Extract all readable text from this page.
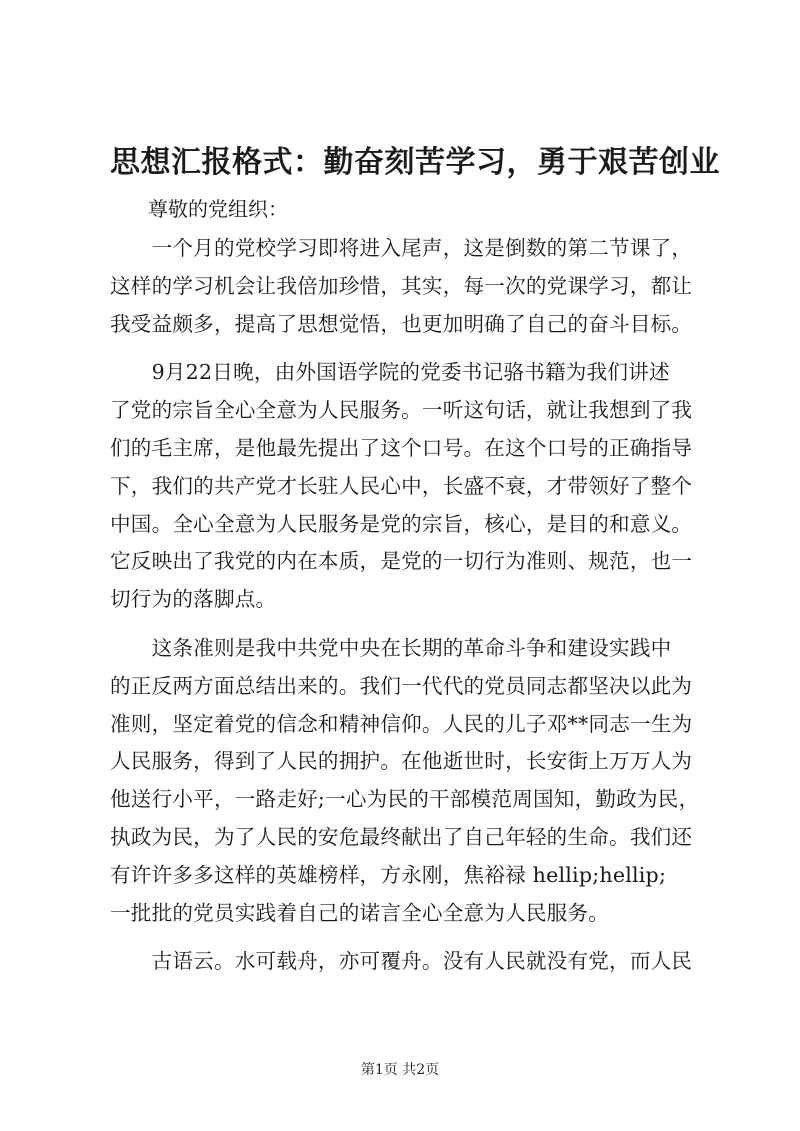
思想汇报格式：勤奋刻苦学习，勇于艰苦创业

尊敬的党组织：

　　一个月的党校学习即将进入尾声，这是倒数的第二节课了，
这样的学习机会让我倍加珍惜，其实，每一次的党课学习，都让
我受益颇多，提高了思想觉悟，也更加明确了自己的奋斗目标。
　　9月22日晚，由外国语学院的党委书记骆书籍为我们讲述
了党的宗旨全心全意为人民服务。一听这句话，就让我想到了我
们的毛主席，是他最先提出了这个口号。在这个口号的正确指导
下，我们的共产党才长驻人民心中，长盛不衰，才带领好了整个
中国。全心全意为人民服务是党的宗旨，核心，是目的和意义。
它反映出了我党的内在本质，是党的一切行为准则、规范，也一
切行为的落脚点。
　　这条准则是我中共党中央在长期的革命斗争和建设实践中
的正反两方面总结出来的。我们一代代的党员同志都坚决以此为
准则，坚定着党的信念和精神信仰。人民的儿子邓**同志一生为
人民服务，得到了人民的拥护。在他逝世时，长安街上万万人为
他送行小平，一路走好;一心为民的干部模范周国知，勤政为民，
执政为民，为了人民的安危最终献出了自己年轻的生命。我们还
有许许多多这样的英雄榜样，方永刚，焦裕禄 hellip;hellip;
一批批的党员实践着自己的诺言全心全意为人民服务。
　　古语云。水可载舟，亦可覆舟。没有人民就没有党，而人民
第1页 共2页
